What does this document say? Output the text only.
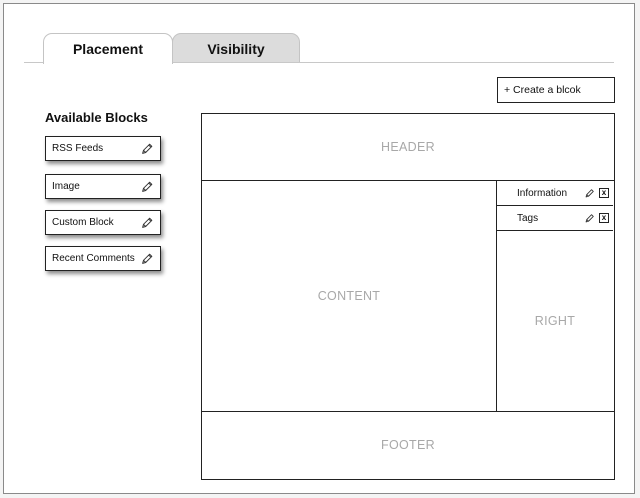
Placement	Visibility
+ Create a blcok
Available Blocks
RSS Feeds
Image
Custom Block
Recent Comments
HEADER
CONTENT
Information	x
Tags	x
RIGHT
FOOTER
